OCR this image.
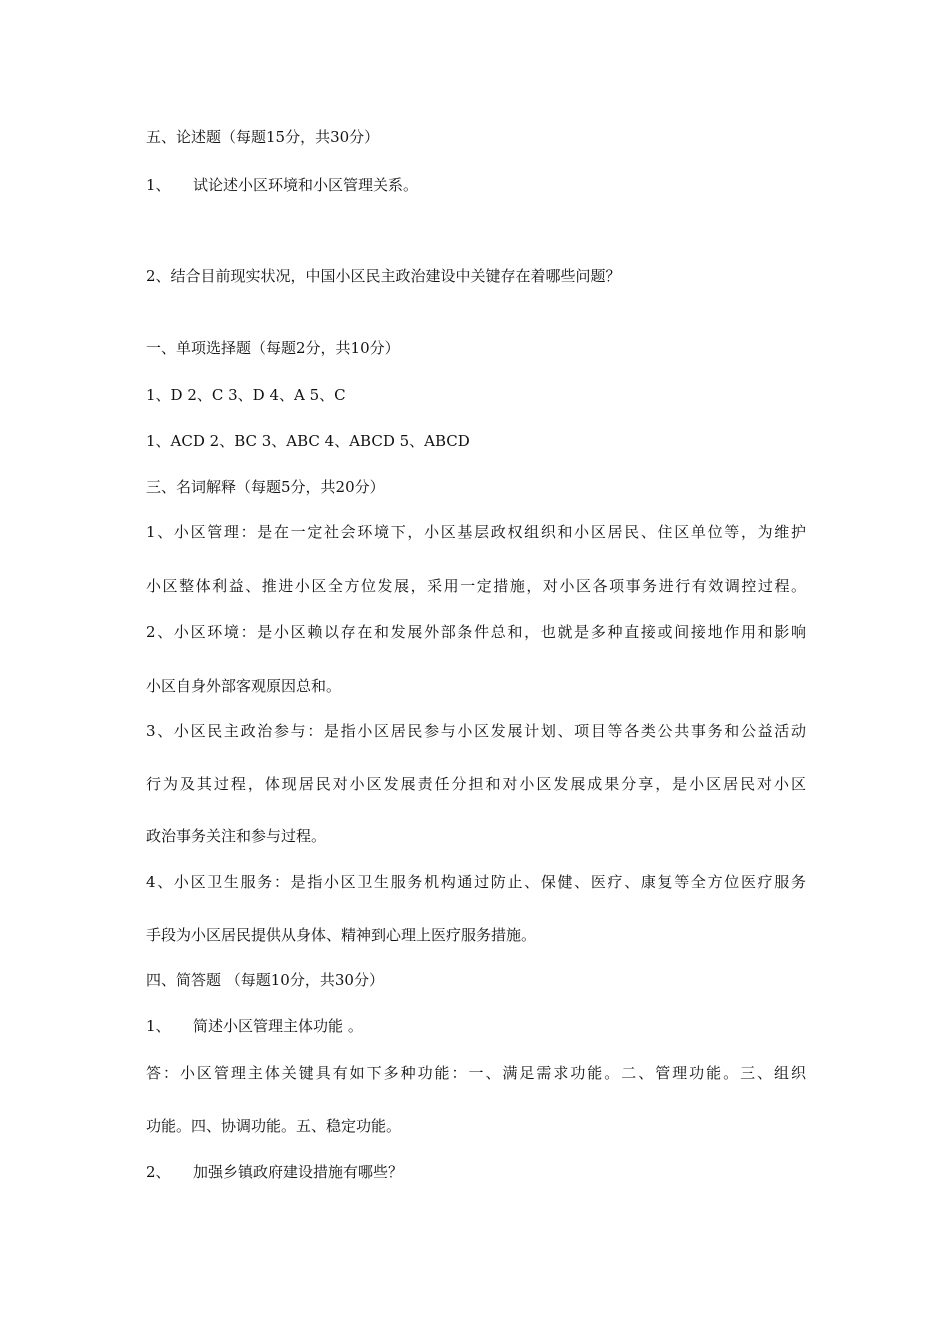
五、论述题（每题15分，共30分）

1、　　试论述小区环境和小区管理关系。

2、结合目前现实状况，中国小区民主政治建设中关键存在着哪些问题？

一、单项选择题（每题2分，共10分）

1、D 2、C 3、D 4、A 5、C

1、ACD 2、BC 3、ABC 4、ABCD 5、ABCD

三、名词解释（每题5分，共20分）

1、小区管理：是在一定社会环境下，小区基层政权组织和小区居民、住区单位等，为维护

小区整体利益、推进小区全方位发展，采用一定措施，对小区各项事务进行有效调控过程。

2、小区环境：是小区赖以存在和发展外部条件总和，也就是多种直接或间接地作用和影响

小区自身外部客观原因总和。

3、小区民主政治参与：是指小区居民参与小区发展计划、项目等各类公共事务和公益活动

行为及其过程，体现居民对小区发展责任分担和对小区发展成果分享，是小区居民对小区

政治事务关注和参与过程。

4、小区卫生服务：是指小区卫生服务机构通过防止、保健、医疗、康复等全方位医疗服务

手段为小区居民提供从身体、精神到心理上医疗服务措施。

四、简答题 （每题10分，共30分）

1、　　简述小区管理主体功能 。

答：小区管理主体关键具有如下多种功能：一、满足需求功能。二、管理功能。三、组织

功能。四、协调功能。五、稳定功能。

2、　　加强乡镇政府建设措施有哪些？
